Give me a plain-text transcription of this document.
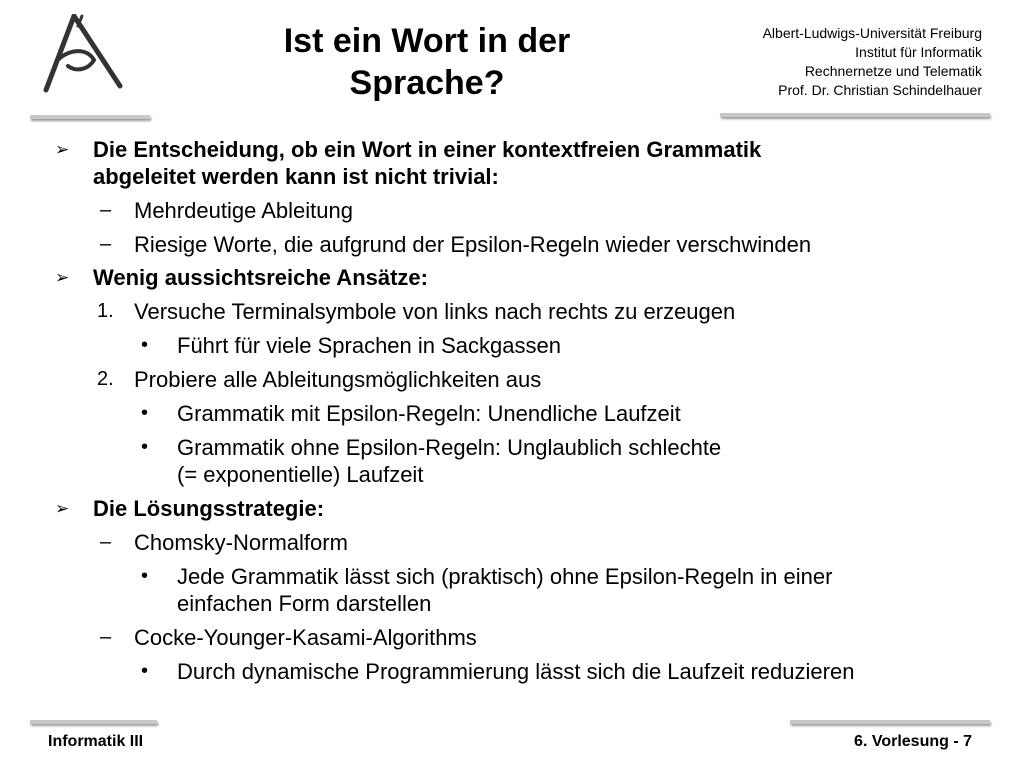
Ist ein Wort in der
Sprache?
Albert-Ludwigs-Universität Freiburg
Institut für Informatik
Rechnernetze und Telematik
Prof. Dr. Christian Schindelhauer
➢ Die Entscheidung, ob ein Wort in einer kontextfreien Grammatik
abgeleitet werden kann ist nicht trivial:
– Mehrdeutige Ableitung
– Riesige Worte, die aufgrund der Epsilon-Regeln wieder verschwinden
➢ Wenig aussichtsreiche Ansätze:
1. Versuche Terminalsymbole von links nach rechts zu erzeugen
• Führt für viele Sprachen in Sackgassen
2. Probiere alle Ableitungsmöglichkeiten aus
• Grammatik mit Epsilon-Regeln: Unendliche Laufzeit
• Grammatik ohne Epsilon-Regeln: Unglaublich schlechte
(= exponentielle) Laufzeit
➢ Die Lösungsstrategie:
– Chomsky-Normalform
• Jede Grammatik lässt sich (praktisch) ohne Epsilon-Regeln in einer
einfachen Form darstellen
– Cocke-Younger-Kasami-Algorithms
• Durch dynamische Programmierung lässt sich die Laufzeit reduzieren
Informatik III	6. Vorlesung - 7
